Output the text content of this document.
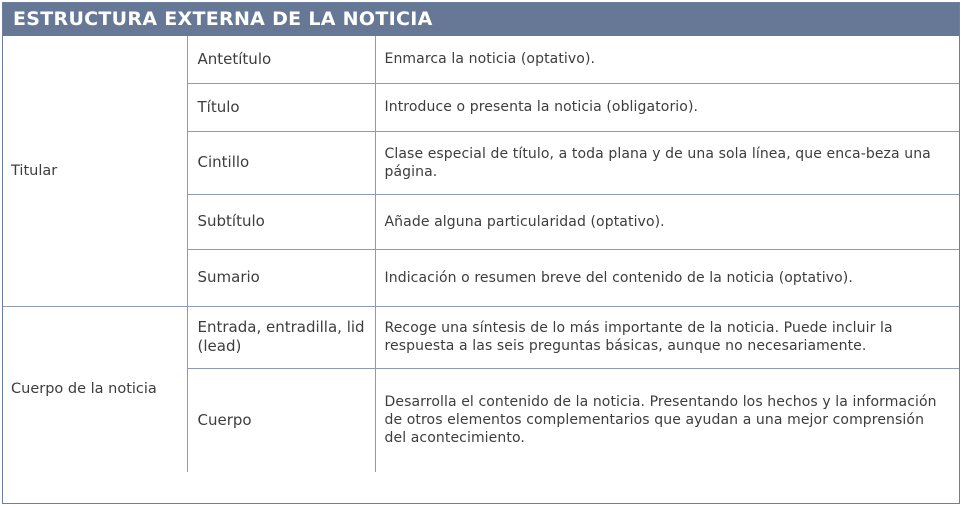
ESTRUCTURA EXTERNA DE LA NOTICIA
Titular	Antetítulo	Enmarca la noticia (optativo).
	Título	Introduce o presenta la noticia (obligatorio).
	Cintillo	Clase especial de título, a toda plana y de una sola línea, que enca-beza una página.
	Subtítulo	Añade alguna particularidad (optativo).
	Sumario	Indicación o resumen breve del contenido de la noticia (optativo).
Cuerpo de la noticia	Entrada, entradilla, lid (lead)	Recoge una síntesis de lo más importante de la noticia. Puede incluir la respuesta a las seis preguntas básicas, aunque no necesariamente.
	Cuerpo	Desarrolla el contenido de la noticia. Presentando los hechos y la información de otros elementos complementarios que ayudan a una mejor comprensión del acontecimiento.
